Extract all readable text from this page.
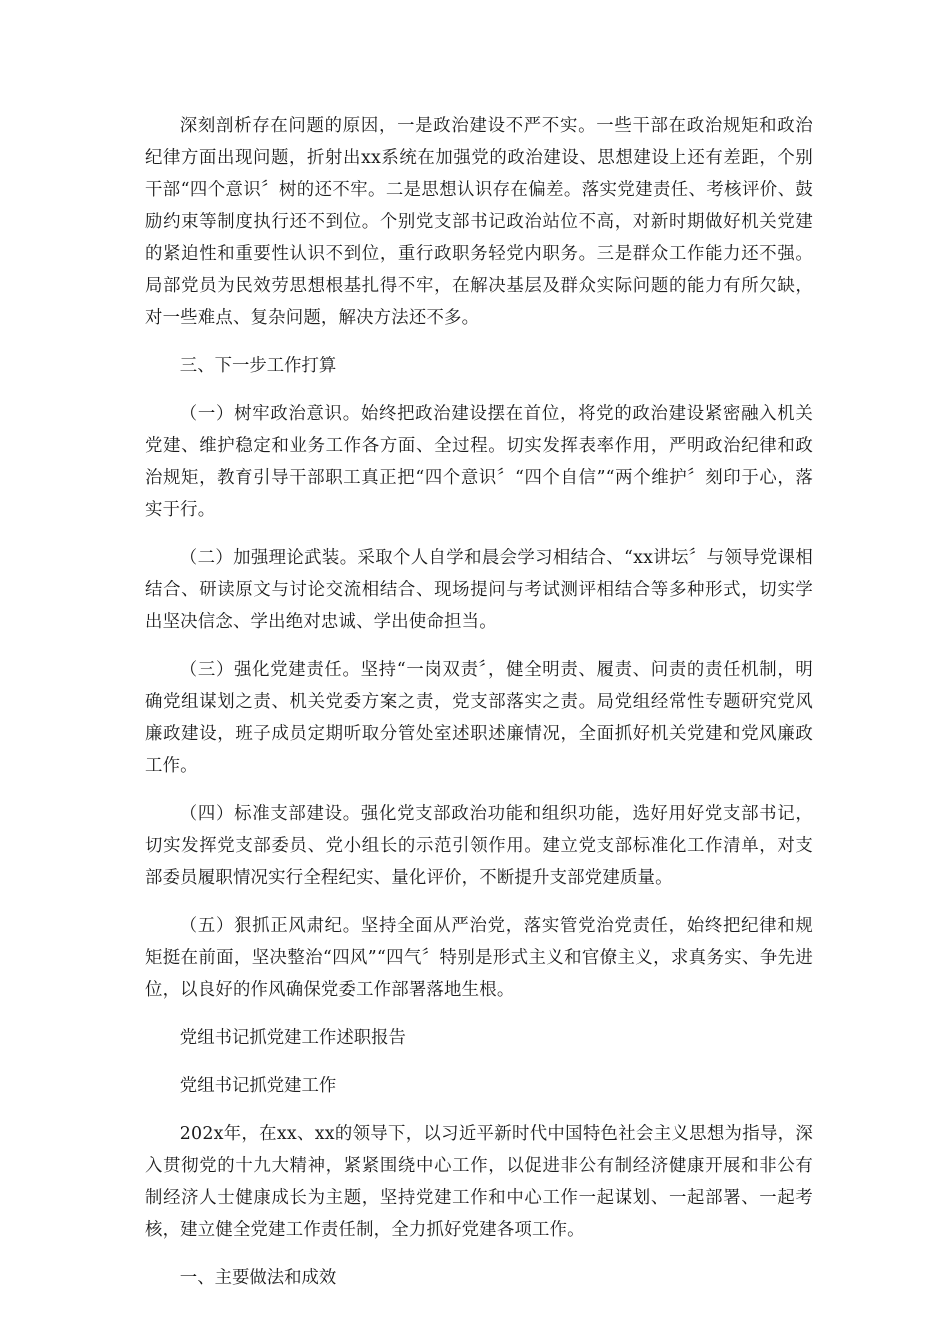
深刻剖析存在问题的原因，一是政治建设不严不实。一些干部在政治规矩和政治纪律方面出现问题，折射出xx系统在加强党的政治建设、思想建设上还有差距，个别干部“四个意识〞树的还不牢。二是思想认识存在偏差。落实党建责任、考核评价、鼓励约束等制度执行还不到位。个别党支部书记政治站位不高，对新时期做好机关党建的紧迫性和重要性认识不到位，重行政职务轻党内职务。三是群众工作能力还不强。局部党员为民效劳思想根基扎得不牢，在解决基层及群众实际问题的能力有所欠缺，对一些难点、复杂问题，解决方法还不多。

三、下一步工作打算

（一）树牢政治意识。始终把政治建设摆在首位，将党的政治建设紧密融入机关党建、维护稳定和业务工作各方面、全过程。切实发挥表率作用，严明政治纪律和政治规矩，教育引导干部职工真正把“四个意识〞“四个自信”“两个维护〞刻印于心，落实于行。

（二）加强理论武装。采取个人自学和晨会学习相结合、“xx讲坛〞与领导党课相结合、研读原文与讨论交流相结合、现场提问与考试测评相结合等多种形式，切实学出坚决信念、学出绝对忠诚、学出使命担当。

（三）强化党建责任。坚持“一岗双责〞，健全明责、履责、问责的责任机制，明确党组谋划之责、机关党委方案之责，党支部落实之责。局党组经常性专题研究党风廉政建设，班子成员定期听取分管处室述职述廉情况，全面抓好机关党建和党风廉政工作。

（四）标准支部建设。强化党支部政治功能和组织功能，选好用好党支部书记，切实发挥党支部委员、党小组长的示范引领作用。建立党支部标准化工作清单，对支部委员履职情况实行全程纪实、量化评价，不断提升支部党建质量。

（五）狠抓正风肃纪。坚持全面从严治党，落实管党治党责任，始终把纪律和规矩挺在前面，坚决整治“四风”“四气〞特别是形式主义和官僚主义，求真务实、争先进位，以良好的作风确保党委工作部署落地生根。

党组书记抓党建工作述职报告

党组书记抓党建工作

202x年，在xx、xx的领导下，以习近平新时代中国特色社会主义思想为指导，深入贯彻党的十九大精神，紧紧围绕中心工作，以促进非公有制经济健康开展和非公有制经济人士健康成长为主题，坚持党建工作和中心工作一起谋划、一起部署、一起考核，建立健全党建工作责任制，全力抓好党建各项工作。

一、主要做法和成效
